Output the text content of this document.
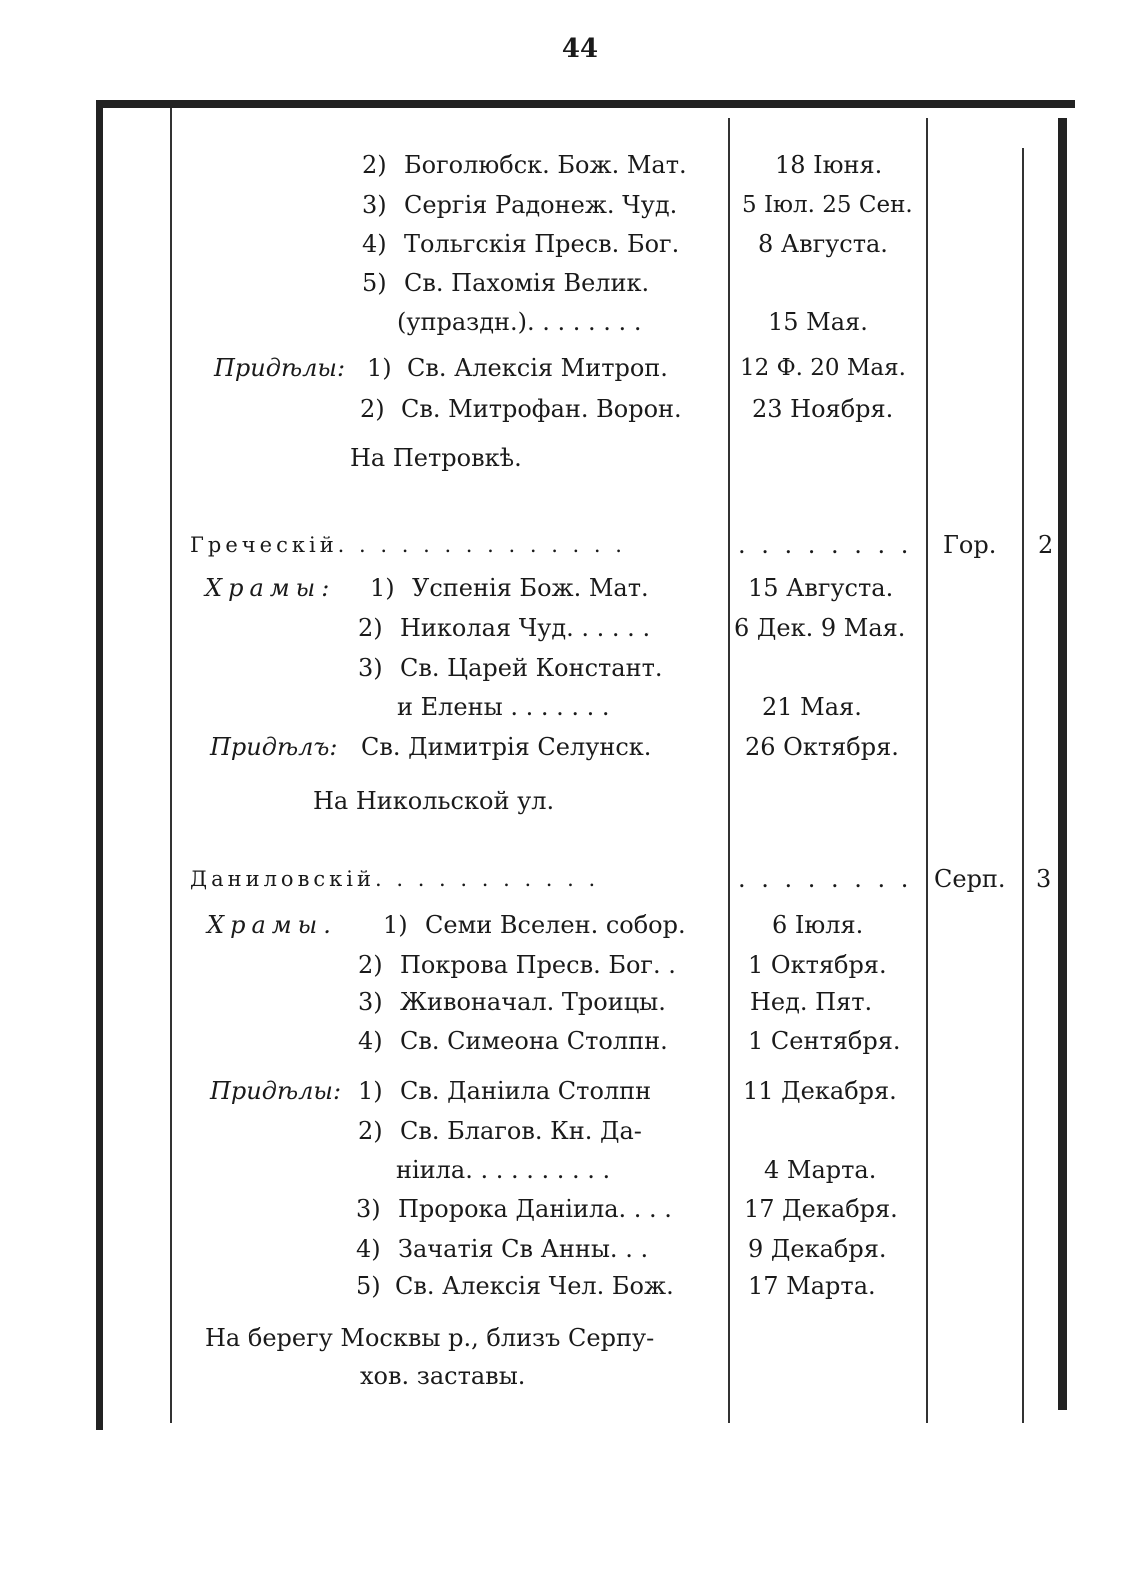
44
2) Боголюбск. Бож. Мат.	18 Іюня.
3) Сергія Радонеж. Чуд.	5 Іюл. 25 Сен.
4) Тольгскія Пресв. Бог.	8 Августа.
5) Св. Пахомія Велик.
(упраздн.). . . . . . . .	15 Мая.
Придѣлы: 1) Св. Алексія Митроп.	12 Ф. 20 Мая.
2) Св. Митрофан. Ворон.	23 Ноября.
На Петровкѣ.
Греческій. . . . . . . . . . . . . .	. . . . . . . . Гор. 2
Храмы: 1) Успенія Бож. Мат.	15 Августа.
2) Николая Чуд. . . . . .	6 Дек. 9 Мая.
3) Св. Царей Констант.
и Елены . . . . . . .	21 Мая.
Придѣлъ: Св. Димитрія Селунск.	26 Октября.
На Никольской ул.
Даниловскій. . . . . . . . . . .	. . . . . . . . Серп. 3
Храмы. 1) Семи Вселен. собор.	6 Іюля.
2) Покрова Пресв. Бог. .	1 Октября.
3) Живоначал. Троицы.	Нед. Пят.
4) Св. Симеона Столпн.	1 Сентября.
Придѣлы: 1) Св. Данiила Столпн	11 Декабря.
2) Св. Благов. Кн. Да-
нiила. . . . . . . . . .	4 Марта.
3) Пророка Данiила. . . .	17 Декабря.
4) Зачатія Св Анны. . .	9 Декабря.
5) Св. Алексія Чел. Бож.	17 Марта.
На берегу Москвы р., близъ Серпу-
хов. заставы.
